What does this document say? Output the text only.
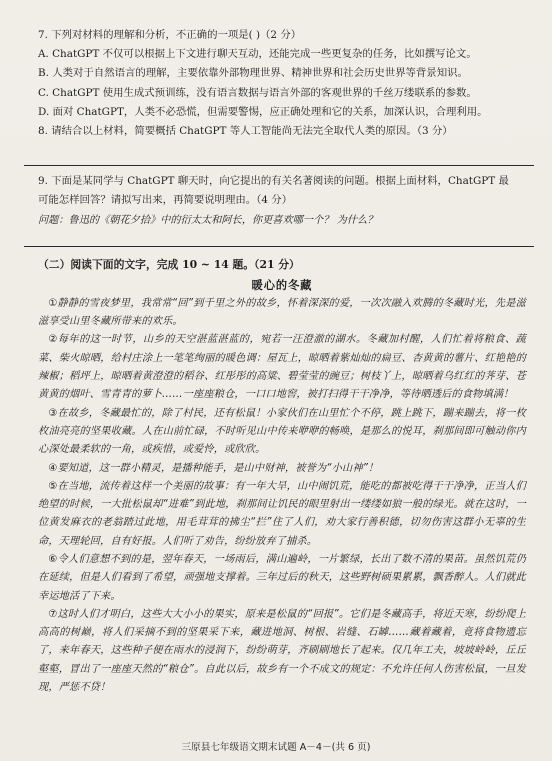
7. 下列对材料的理解和分析，不正确的一项是( )（2 分）
A. ChatGPT 不仅可以根据上下文进行聊天互动，还能完成一些更复杂的任务，比如撰写论文。
B. 人类对于自然语言的理解，主要依靠外部物理世界、精神世界和社会历史世界等背景知识。
C. ChatGPT 使用生成式预训练，没有语言数据与语言外部的客观世界的千丝万缕联系的参数。
D. 面对 ChatGPT，人类不必恐慌，但需要警惕，应正确处理和它的关系，加深认识，合理利用。
8. 请结合以上材料，简要概括 ChatGPT 等人工智能尚无法完全取代人类的原因。（3 分）
9. 下面是某同学与 ChatGPT 聊天时，向它提出的有关名著阅读的问题。根据上面材料，ChatGPT 最
可能怎样回答？请拟写出来，再简要说明理由。（4 分）
问题：鲁迅的《朝花夕拾》中的衍太太和阿长，你更喜欢哪一个？ 为什么？
（二）阅读下面的文字，完成 10 ~ 14 题。（21 分）
暖心的冬藏
①静静的雪夜梦里，我常常“回”到千里之外的故乡，怀着深深的爱，一次次融入欢腾的冬藏时光，先是滋滋享受山里冬藏所带来的欢乐。
②每年的这一时节，山乡的天空湛蓝湛蓝的，宛若一汪澄澈的湖水。冬藏加村醒，人们忙着将粮食、蔬菜、柴火晾晒，给村庄涂上一笔笔绚丽的暖色调：屋瓦上，晾晒着紫灿灿的扁豆、杏黄黄的薯片、红艳艳的辣椒；稻坪上，晾晒着黄澄澄的稻谷、红彤彤的高粱、碧莹莹的豌豆；树枝丫上，晾晒着乌红红的荠芽、苍黄黄的烟叶、雪青青的萝卜……一座座粮仓，一口口地窖，被打扫得干干净净，等待晒透后的食物填满！
③在故乡，冬藏最忙的，除了村民，还有松鼠！小家伙们在山里忙个不停，跳上跳下，蹦来蹦去，将一枚枚油亮亮的坚果收藏。人在山前忙碌，不时听见山中传来咿咿的畅唤，是那么的悦耳，刹那间即可触动你内心深处最柔软的一角，或疾惜，或爱怜，或欣欣。
④要知道，这一群小精灵，是播种能手，是山中财神，被誉为“小山神”！
⑤在当地，流传着这样一个美丽的故事：有一年大旱，山中闹饥荒，能吃的都被吃得干干净净，正当人们绝望的时候，一大批松鼠却“进难”到此地，刹那间让饥民的眼里射出一缕缕如狼一般的绿光。就在这时，一位黄发麻衣的老翁踏过此地，用毛茸茸的拂尘“拦”住了人们，劝大家行善积德，切勿伤害这群小无辜的生命，天理轮回，自有好报。人们听了劝告，纷纷放弃了捕杀。
⑥令人们意想不到的是，翌年春天，一场雨后，满山遍岭，一片繁绿，长出了数不清的果苗。虽然饥荒仍在延续，但是人们看到了希望，顽强地支撑着。三年过后的秋天，这些野树硕果累累，飘香醉人。人们就此幸运地活了下来。
⑦这时人们才明白，这些大大小小的果实，原来是松鼠的“回报”。它们是冬藏高手，将近天寒，纷纷爬上高高的树巅，将人们采摘不到的坚果采下来，藏进地洞、树根、岩缝、石罅……藏着藏着，竟将食物遗忘了，来年春天，这些种子便在雨水的浸润下，纷纷萌芽，齐刷刷地长了起来。仅几年工夫，坡坡岭岭，丘丘壑壑，冒出了一座座天然的“粮仓”。自此以后，故乡有一个不成文的规定：不允许任何人伤害松鼠，一旦发现，严惩不贷！
三原县七年级语文期末试题 A－4－(共 6 页)
